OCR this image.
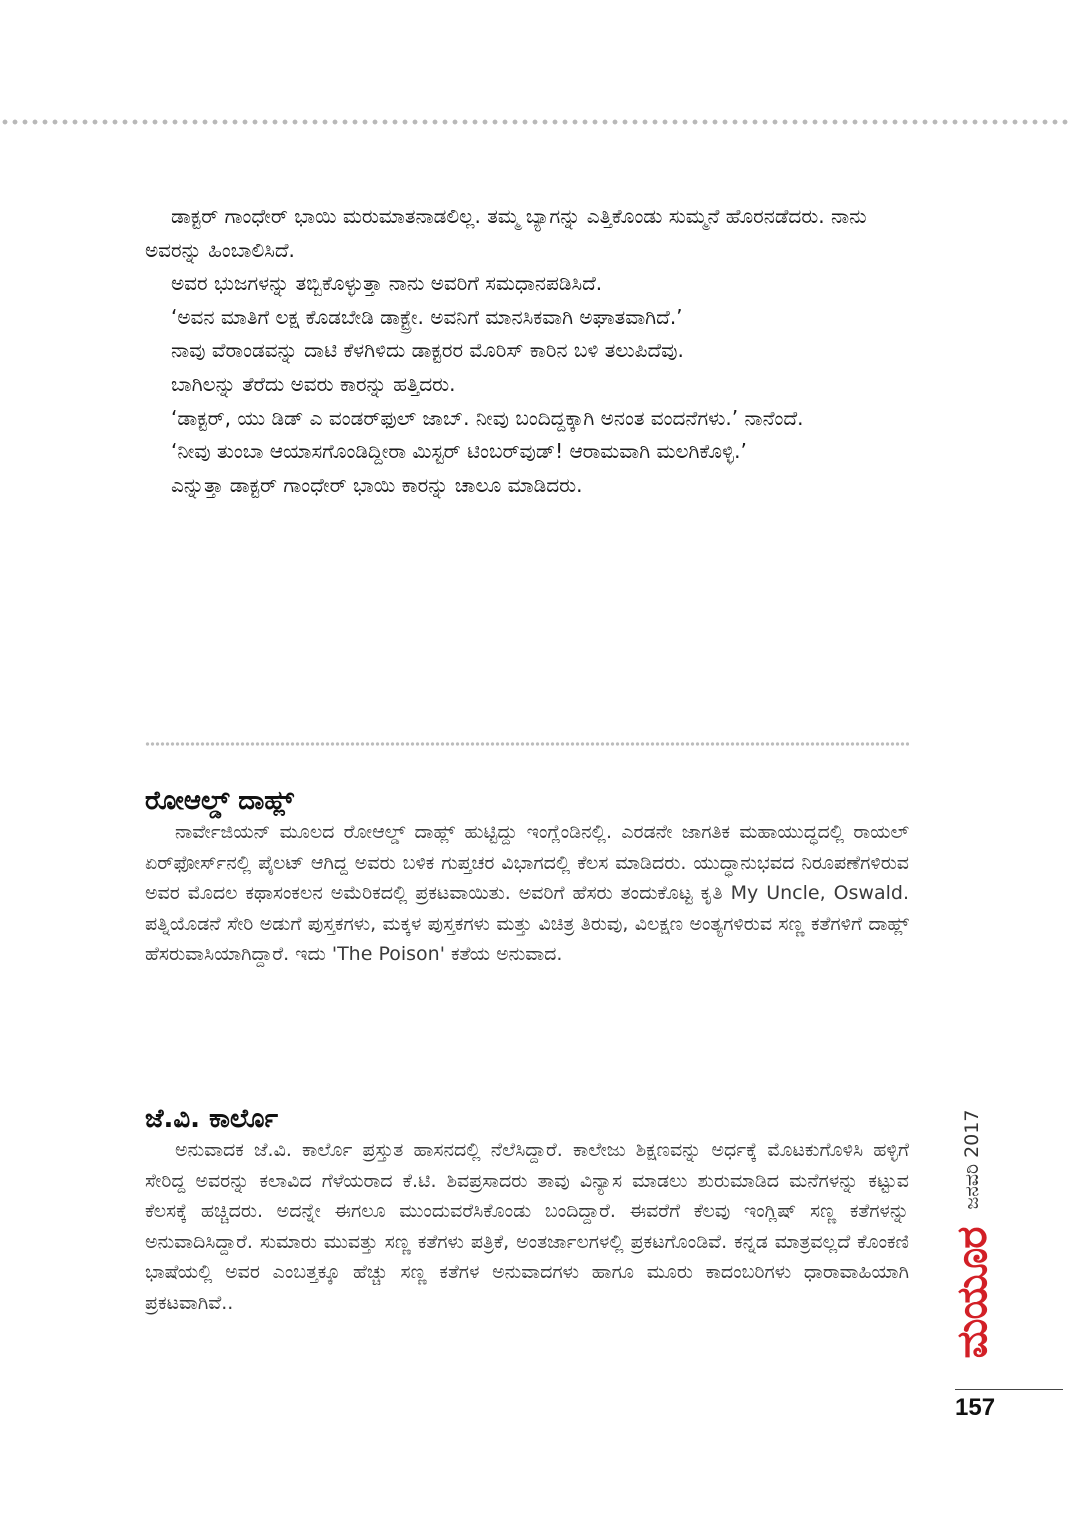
ಡಾಕ್ಟರ್ ಗಾಂಧೇರ್ ಭಾಯಿ ಮರುಮಾತನಾಡಲಿಲ್ಲ. ತಮ್ಮ ಬ್ಯಾಗನ್ನು ಎತ್ತಿಕೊಂಡು ಸುಮ್ಮನೆ ಹೊರನಡೆದರು. ನಾನು ಅವರನ್ನು ಹಿಂಬಾಲಿಸಿದೆ.

ಅವರ ಭುಜಗಳನ್ನು ತಬ್ಬಿಕೊಳ್ಳುತ್ತಾ ನಾನು ಅವರಿಗೆ ಸಮಧಾನಪಡಿಸಿದೆ.

‘ಅವನ ಮಾತಿಗೆ ಲಕ್ಷ ಕೊಡಬೇಡಿ ಡಾಕ್ಟ್ರೇ. ಅವನಿಗೆ ಮಾನಸಿಕವಾಗಿ ಅಘಾತವಾಗಿದೆ.’

ನಾವು ವೆರಾಂಡವನ್ನು ದಾಟಿ ಕೆಳಗಿಳಿದು ಡಾಕ್ಟರರ ಮೊರಿಸ್ ಕಾರಿನ ಬಳಿ ತಲುಪಿದೆವು.

ಬಾಗಿಲನ್ನು ತೆರೆದು ಅವರು ಕಾರನ್ನು ಹತ್ತಿದರು.

‘ಡಾಕ್ಟರ್, ಯು ಡಿಡ್ ಎ ವಂಡರ್‌ಫುಲ್ ಜಾಬ್. ನೀವು ಬಂದಿದ್ದಕ್ಕಾಗಿ ಅನಂತ ವಂದನೆಗಳು.’ ನಾನೆಂದೆ.

‘ನೀವು ತುಂಬಾ ಆಯಾಸಗೊಂಡಿದ್ದೀರಾ ಮಿಸ್ಟರ್ ಟಿಂಬರ್‌ವುಡ್! ಆರಾಮವಾಗಿ ಮಲಗಿಕೊಳ್ಳಿ.’

ಎನ್ನುತ್ತಾ ಡಾಕ್ಟರ್ ಗಾಂಧೇರ್ ಭಾಯಿ ಕಾರನ್ನು ಚಾಲೂ ಮಾಡಿದರು.

ರೋಆಲ್ಡ್ ದಾಹ್ಲ್

ನಾರ್ವೇಜಿಯನ್ ಮೂಲದ ರೋಆಲ್ಡ್ ದಾಹ್ಲ್ ಹುಟ್ಟಿದ್ದು ಇಂಗ್ಲೆಂಡಿನಲ್ಲಿ. ಎರಡನೇ ಜಾಗತಿಕ ಮಹಾಯುದ್ಧದಲ್ಲಿ ರಾಯಲ್ ಏರ್‌ಫೋರ್ಸ್‌ನಲ್ಲಿ ಪೈಲಟ್ ಆಗಿದ್ದ ಅವರು ಬಳಿಕ ಗುಪ್ತಚರ ವಿಭಾಗದಲ್ಲಿ ಕೆಲಸ ಮಾಡಿದರು. ಯುದ್ಧಾನುಭವದ ನಿರೂಪಣೆಗಳಿರುವ ಅವರ ಮೊದಲ ಕಥಾಸಂಕಲನ ಅಮೆರಿಕದಲ್ಲಿ ಪ್ರಕಟವಾಯಿತು. ಅವರಿಗೆ ಹೆಸರು ತಂದುಕೊಟ್ಟ ಕೃತಿ My Uncle, Oswald. ಪತ್ನಿಯೊಡನೆ ಸೇರಿ ಅಡುಗೆ ಪುಸ್ತಕಗಳು, ಮಕ್ಕಳ ಪುಸ್ತಕಗಳು ಮತ್ತು ವಿಚಿತ್ರ ತಿರುವು, ವಿಲಕ್ಷಣ ಅಂತ್ಯಗಳಿರುವ ಸಣ್ಣ ಕತೆಗಳಿಗೆ ದಾಹ್ಲ್ ಹೆಸರುವಾಸಿಯಾಗಿದ್ದಾರೆ. ಇದು 'The Poison' ಕತೆಯ ಅನುವಾದ.

ಜೆ.ವಿ. ಕಾರ್ಲೊ

ಅನುವಾದಕ ಜೆ.ವಿ. ಕಾರ್ಲೊ ಪ್ರಸ್ತುತ ಹಾಸನದಲ್ಲಿ ನೆಲೆಸಿದ್ದಾರೆ. ಕಾಲೇಜು ಶಿಕ್ಷಣವನ್ನು ಅರ್ಧಕ್ಕೆ ಮೊಟಕುಗೊಳಿಸಿ ಹಳ್ಳಿಗೆ ಸೇರಿದ್ದ ಅವರನ್ನು ಕಲಾವಿದ ಗೆಳೆಯರಾದ ಕೆ.ಟಿ. ಶಿವಪ್ರಸಾದರು ತಾವು ವಿನ್ಯಾಸ ಮಾಡಲು ಶುರುಮಾಡಿದ ಮನೆಗಳನ್ನು ಕಟ್ಟುವ ಕೆಲಸಕ್ಕೆ ಹಚ್ಚಿದರು. ಅದನ್ನೇ ಈಗಲೂ ಮುಂದುವರೆಸಿಕೊಂಡು ಬಂದಿದ್ದಾರೆ. ಈವರೆಗೆ ಕೆಲವು ಇಂಗ್ಲಿಷ್ ಸಣ್ಣ ಕತೆಗಳನ್ನು ಅನುವಾದಿಸಿದ್ದಾರೆ. ಸುಮಾರು ಮುವತ್ತು ಸಣ್ಣ ಕತೆಗಳು ಪತ್ರಿಕೆ, ಅಂತರ್ಜಾಲಗಳಲ್ಲಿ ಪ್ರಕಟಗೊಂಡಿವೆ. ಕನ್ನಡ ಮಾತ್ರವಲ್ಲದೆ ಕೊಂಕಣಿ ಭಾಷೆಯಲ್ಲಿ ಅವರ ಎಂಬತ್ತಕ್ಕೂ ಹೆಚ್ಚು ಸಣ್ಣ ಕತೆಗಳ ಅನುವಾದಗಳು ಹಾಗೂ ಮೂರು ಕಾದಂಬರಿಗಳು ಧಾರಾವಾಹಿಯಾಗಿ ಪ್ರಕಟವಾಗಿವೆ..	ಮಯೂರ
ಜನವರಿ 2017
157
